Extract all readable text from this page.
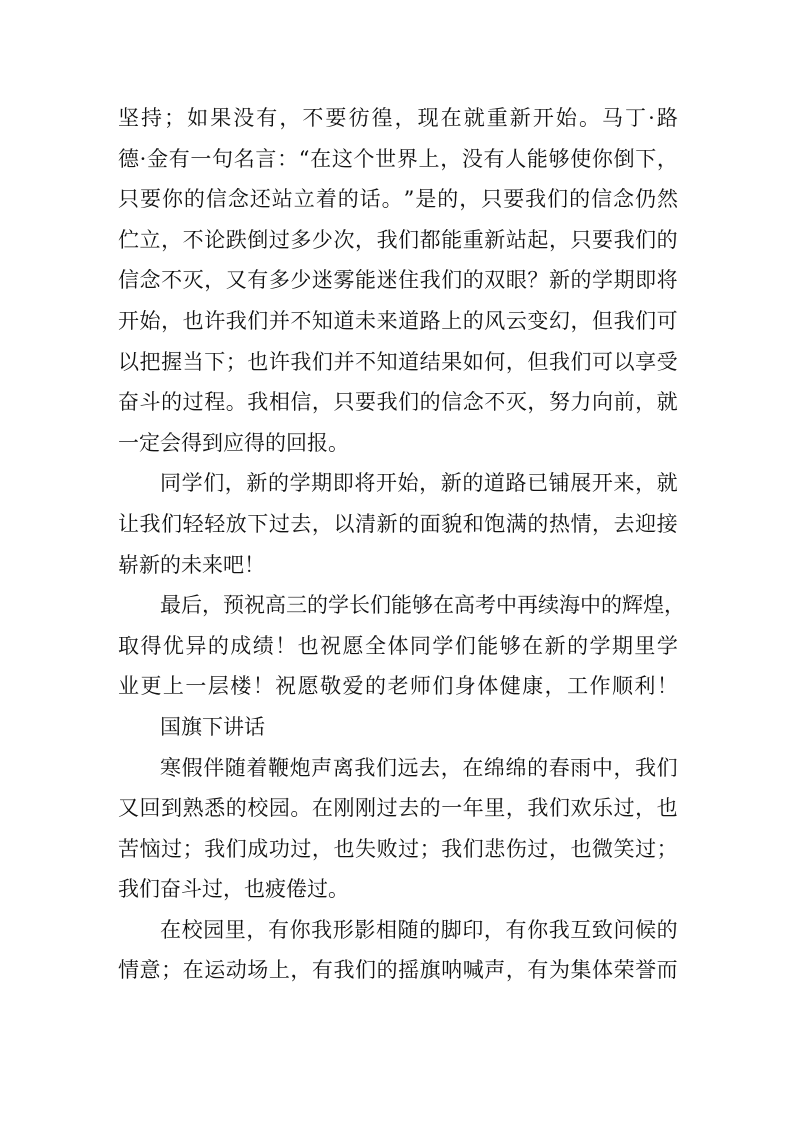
坚 持 ； 如 果 没 有 ， 不 要 彷 徨 ， 现 在 就 重 新 开 始 。 马 丁 · 路
德 · 金 有 一 句 名 言 ： “ 在 这 个 世 界 上 ， 没 有 人 能 够 使 你 倒 下 ，
只 要 你 的 信 念 还 站 立 着 的 话 。 ” 是 的 ， 只 要 我 们 的 信 念 仍 然
伫 立 ， 不 论 跌 倒 过 多 少 次 ， 我 们 都 能 重 新 站 起 ， 只 要 我 们 的
信 念 不 灭 ， 又 有 多 少 迷 雾 能 迷 住 我 们 的 双 眼 ？ 新 的 学 期 即 将
开 始 ， 也 许 我 们 并 不 知 道 未 来 道 路 上 的 风 云 变 幻 ， 但 我 们 可
以 把 握 当 下 ； 也 许 我 们 并 不 知 道 结 果 如 何 ， 但 我 们 可 以 享 受
奋 斗 的 过 程 。 我 相 信 ， 只 要 我 们 的 信 念 不 灭 ， 努 力 向 前 ， 就
一定会得到应得的回报。
同 学 们 ， 新 的 学 期 即 将 开 始 ， 新 的 道 路 已 铺 展 开 来 ， 就
让 我 们 轻 轻 放 下 过 去 ， 以 清 新 的 面 貌 和 饱 满 的 热 情 ， 去 迎 接
崭新的未来吧！
最 后 ， 预 祝 高 三 的 学 长 们 能 够 在 高 考 中 再 续 海 中 的 辉 煌 ，
取 得 优 异 的 成 绩 ！ 也 祝 愿 全 体 同 学 们 能 够 在 新 的 学 期 里 学
业 更 上 一 层 楼 ！ 祝 愿 敬 爱 的 老 师 们 身 体 健 康 ， 工 作 顺 利 ！
国旗下讲话
寒 假 伴 随 着 鞭 炮 声 离 我 们 远 去 ， 在 绵 绵 的 春 雨 中 ， 我 们
又 回 到 熟 悉 的 校 园 。 在 刚 刚 过 去 的 一 年 里 ， 我 们 欢 乐 过 ， 也
苦 恼 过 ； 我 们 成 功 过 ， 也 失 败 过 ； 我 们 悲 伤 过 ， 也 微 笑 过 ；
我们奋斗过，也疲倦过。
在 校 园 里 ， 有 你 我 形 影 相 随 的 脚 印 ， 有 你 我 互 致 问 候 的
情 意 ； 在 运 动 场 上 ， 有 我 们 的 摇 旗 呐 喊 声 ， 有 为 集 体 荣 誉 而
